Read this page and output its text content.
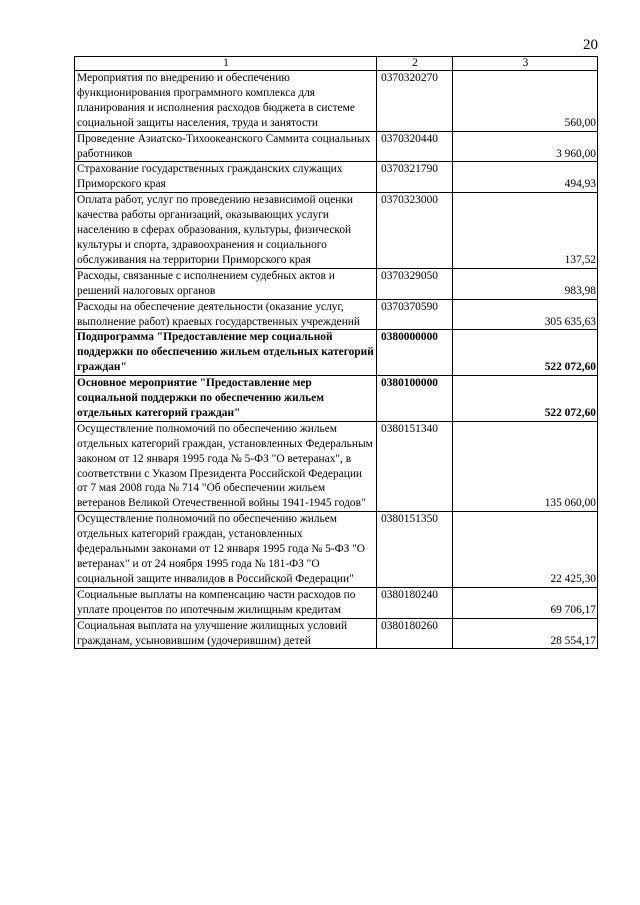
20
1	2	3
Мероприятия по внедрению и обеспечению функционирования программного комплекса для планирования и исполнения расходов бюджета в системе социальной защиты населения, труда и занятости	0370320270	560,00
Проведение Азиатско-Тихоокеанского Саммита социальных работников	0370320440	3 960,00
Страхование государственных гражданских служащих Приморского края	0370321790	494,93
Оплата работ, услуг по проведению независимой оценки качества работы организаций, оказывающих услуги населению в сферах образования, культуры, физической культуры и спорта, здравоохранения и социального обслуживания на территории Приморского края	0370323000	137,52
Расходы, связанные с исполнением судебных актов и решений налоговых органов	0370329050	983,98
Расходы на обеспечение деятельности (оказание услуг, выполнение работ) краевых государственных учреждений	0370370590	305 635,63
Подпрограмма "Предоставление мер социальной поддержки по обеспечению жильем отдельных категорий граждан"	0380000000	522 072,60
Основное мероприятие "Предоставление мер социальной поддержки по обеспечению жильем отдельных категорий граждан"	0380100000	522 072,60
Осуществление полномочий по обеспечению жильем отдельных категорий граждан, установленных Федеральным законом от 12 января 1995 года № 5-ФЗ "О ветеранах", в соответствии с Указом Президента Российской Федерации от 7 мая 2008 года № 714 "Об обеспечении жильем ветеранов Великой Отечественной войны 1941-1945 годов"	0380151340	135 060,00
Осуществление полномочий по обеспечению жильем отдельных категорий граждан, установленных федеральными законами от 12 января 1995 года № 5-ФЗ "О ветеранах" и от 24 ноября 1995 года № 181-ФЗ "О социальной защите инвалидов в Российской Федерации"	0380151350	22 425,30
Социальные выплаты на компенсацию части расходов по уплате процентов по ипотечным жилищным кредитам	0380180240	69 706,17
Социальная выплата на улучшение жилищных условий гражданам, усыновившим (удочерившим) детей	0380180260	28 554,17
